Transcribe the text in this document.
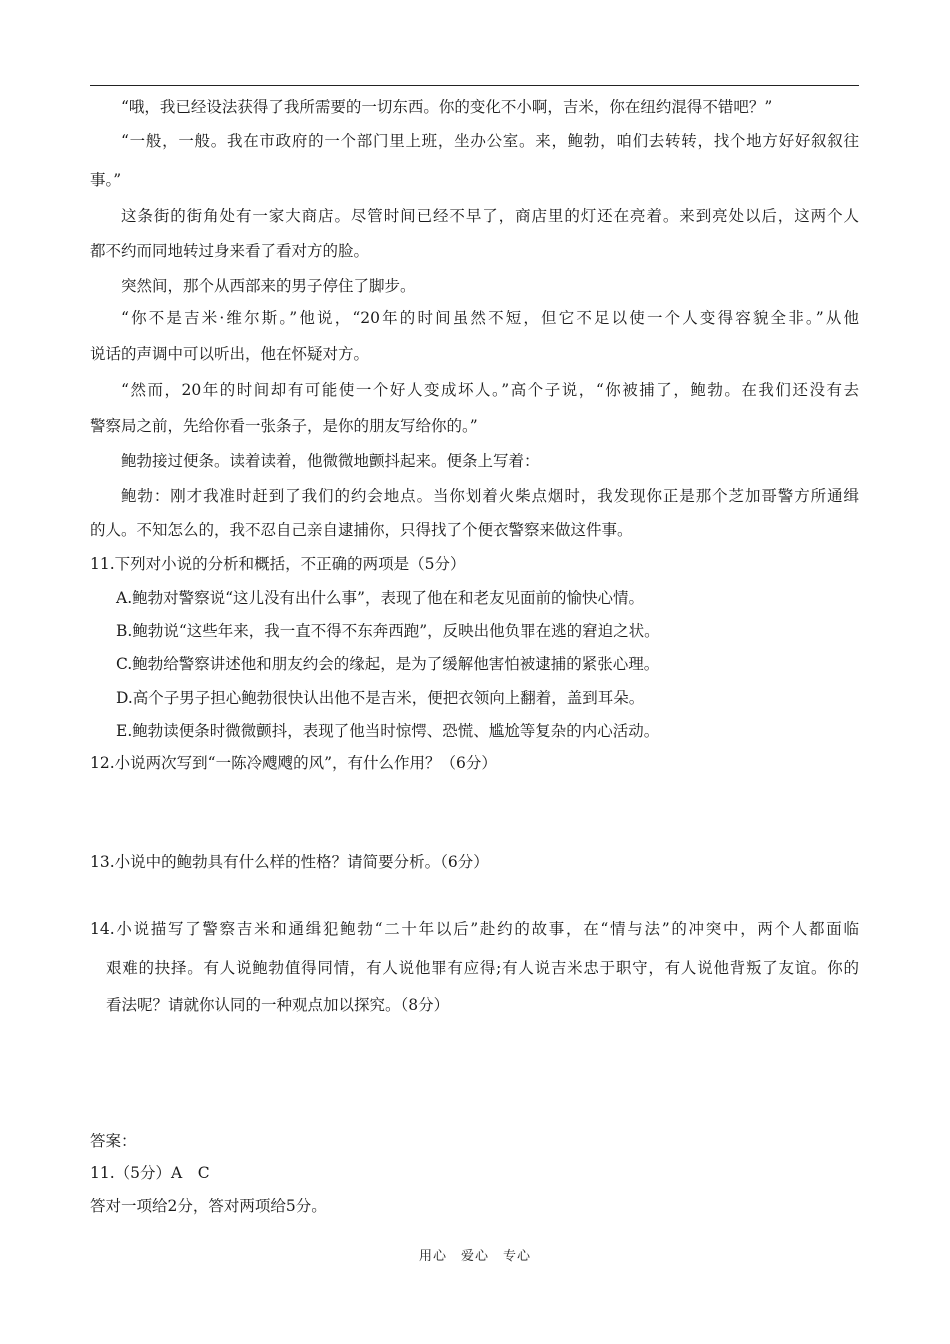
“哦，我已经设法获得了我所需要的一切东西。你的变化不小啊，吉米，你在纽约混得不错吧？”
“一般，一般。我在市政府的一个部门里上班，坐办公室。来，鲍勃，咱们去转转，找个地方好好叙叙往
事。”
这条街的街角处有一家大商店。尽管时间已经不早了，商店里的灯还在亮着。来到亮处以后，这两个人
都不约而同地转过身来看了看对方的脸。
突然间，那个从西部来的男子停住了脚步。
“你不是吉米·维尔斯。”他说，“20年的时间虽然不短，但它不足以使一个人变得容貌全非。”从他
说话的声调中可以听出，他在怀疑对方。
“然而，20年的时间却有可能使一个好人变成坏人。”高个子说，“你被捕了，鲍勃。在我们还没有去
警察局之前，先给你看一张条子，是你的朋友写给你的。”
鲍勃接过便条。读着读着，他微微地颤抖起来。便条上写着：
鲍勃：刚才我准时赶到了我们的约会地点。当你划着火柴点烟时，我发现你正是那个芝加哥警方所通缉
的人。不知怎么的，我不忍自己亲自逮捕你，只得找了个便衣警察来做这件事。
11.下列对小说的分析和概括，不正确的两项是（5分）
A.鲍勃对警察说“这儿没有出什么事”，表现了他在和老友见面前的愉快心情。
B.鲍勃说“这些年来，我一直不得不东奔西跑”，反映出他负罪在逃的窘迫之状。
C.鲍勃给警察讲述他和朋友约会的缘起，是为了缓解他害怕被逮捕的紧张心理。
D.高个子男子担心鲍勃很快认出他不是吉米，便把衣领向上翻着，盖到耳朵。
E.鲍勃读便条时微微颤抖，表现了他当时惊愕、恐慌、尴尬等复杂的内心活动。
12.小说两次写到“一陈冷飕飕的风”，有什么作用？（6分）
13.小说中的鲍勃具有什么样的性格？请简要分析。（6分）
14.小说描写了警察吉米和通缉犯鲍勃“二十年以后”赴约的故事，在“情与法”的冲突中，两个人都面临
艰难的抉择。有人说鲍勃值得同情，有人说他罪有应得;有人说吉米忠于职守，有人说他背叛了友谊。你的
看法呢？请就你认同的一种观点加以探究。（8分）
答案：
11.（5分）A　C
答对一项给2分，答对两项给5分。
用心　爱心　专心
